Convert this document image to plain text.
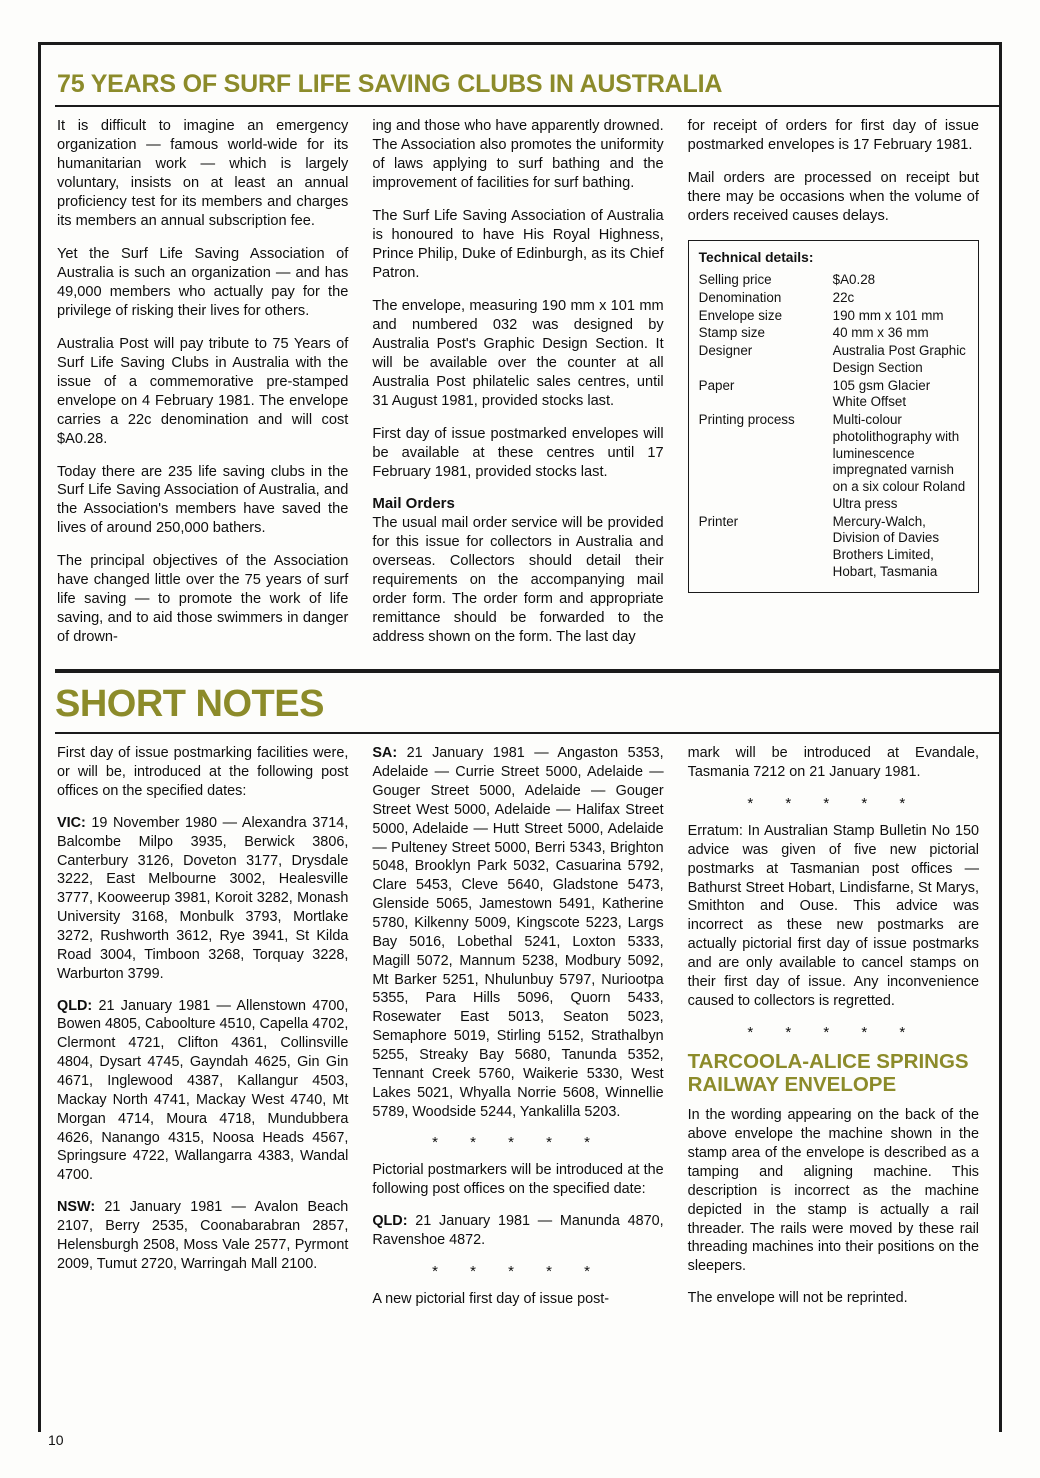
75 YEARS OF SURF LIFE SAVING CLUBS IN AUSTRALIA

It is difficult to imagine an emergency organization — famous world-wide for its humanitarian work — which is largely voluntary, insists on at least an annual proficiency test for its members and charges its members an annual subscription fee.

Yet the Surf Life Saving Association of Australia is such an organization — and has 49,000 members who actually pay for the privilege of risking their lives for others.

Australia Post will pay tribute to 75 Years of Surf Life Saving Clubs in Australia with the issue of a commemorative pre-stamped envelope on 4 February 1981. The envelope carries a 22c denomination and will cost $A0.28.

Today there are 235 life saving clubs in the Surf Life Saving Association of Australia, and the Association's members have saved the lives of around 250,000 bathers.

The principal objectives of the Association have changed little over the 75 years of surf life saving — to promote the work of life saving, and to aid those swimmers in danger of drown-

ing and those who have apparently drowned. The Association also promotes the uniformity of laws applying to surf bathing and the improvement of facilities for surf bathing.

The Surf Life Saving Association of Australia is honoured to have His Royal Highness, Prince Philip, Duke of Edinburgh, as its Chief Patron.

The envelope, measuring 190 mm x 101 mm and numbered 032 was designed by Australia Post's Graphic Design Section. It will be available over the counter at all Australia Post philatelic sales centres, until 31 August 1981, provided stocks last.

First day of issue postmarked envelopes will be available at these centres until 17 February 1981, provided stocks last.

Mail Orders

The usual mail order service will be provided for this issue for collectors in Australia and overseas. Collectors should detail their requirements on the accompanying mail order form. The order form and appropriate remittance should be forwarded to the address shown on the form. The last day

for receipt of orders for first day of issue postmarked envelopes is 17 February 1981.

Mail orders are processed on receipt but there may be occasions when the volume of orders received causes delays.

Technical details:
Selling price	$A0.28
Denomination	22c
Envelope size	190 mm x 101 mm
Stamp size	40 mm x 36 mm
Designer	Australia Post Graphic Design Section
Paper	105 gsm Glacier White Offset
Printing process	Multi-colour photolithography with luminescence impregnated varnish on a six colour Roland Ultra press
Printer	Mercury-Walch, Division of Davies Brothers Limited, Hobart, Tasmania
SHORT NOTES

First day of issue postmarking facilities were, or will be, introduced at the following post offices on the specified dates:

VIC: 19 November 1980 — Alexandra 3714, Balcombe Milpo 3935, Berwick 3806, Canterbury 3126, Doveton 3177, Drysdale 3222, East Melbourne 3002, Healesville 3777, Kooweerup 3981, Koroit 3282, Monash University 3168, Monbulk 3793, Mortlake 3272, Rushworth 3612, Rye 3941, St Kilda Road 3004, Timboon 3268, Torquay 3228, Warburton 3799.

QLD: 21 January 1981 — Allenstown 4700, Bowen 4805, Caboolture 4510, Capella 4702, Clermont 4721, Clifton 4361, Collinsville 4804, Dysart 4745, Gayndah 4625, Gin Gin 4671, Inglewood 4387, Kallangur 4503, Mackay North 4741, Mackay West 4740, Mt Morgan 4714, Moura 4718, Mundubbera 4626, Nanango 4315, Noosa Heads 4567, Springsure 4722, Wallangarra 4383, Wandal 4700.

NSW: 21 January 1981 — Avalon Beach 2107, Berry 2535, Coonabarabran 2857, Helensburgh 2508, Moss Vale 2577, Pyrmont 2009, Tumut 2720, Warringah Mall 2100.

SA: 21 January 1981 — Angaston 5353, Adelaide — Currie Street 5000, Adelaide — Gouger Street 5000, Adelaide — Gouger Street West 5000, Adelaide — Halifax Street 5000, Adelaide — Hutt Street 5000, Adelaide — Pulteney Street 5000, Berri 5343, Brighton 5048, Brooklyn Park 5032, Casuarina 5792, Clare 5453, Cleve 5640, Gladstone 5473, Glenside 5065, Jamestown 5491, Katherine 5780, Kilkenny 5009, Kingscote 5223, Largs Bay 5016, Lobethal 5241, Loxton 5333, Magill 5072, Mannum 5238, Modbury 5092, Mt Barker 5251, Nhulunbuy 5797, Nuriootpa 5355, Para Hills 5096, Quorn 5433, Rosewater East 5013, Seaton 5023, Semaphore 5019, Stirling 5152, Strathalbyn 5255, Streaky Bay 5680, Tanunda 5352, Tennant Creek 5760, Waikerie 5330, West Lakes 5021, Whyalla Norrie 5608, Winnellie 5789, Woodside 5244, Yankalilla 5203.

* * * * *

Pictorial postmarkers will be introduced at the following post offices on the specified date:

QLD: 21 January 1981 — Manunda 4870, Ravenshoe 4872.

* * * * *

A new pictorial first day of issue post-

mark will be introduced at Evandale, Tasmania 7212 on 21 January 1981.

* * * * *

Erratum: In Australian Stamp Bulletin No 150 advice was given of five new pictorial postmarks at Tasmanian post offices — Bathurst Street Hobart, Lindisfarne, St Marys, Smithton and Ouse. This advice was incorrect as these new postmarks are actually pictorial first day of issue postmarks and are only available to cancel stamps on their first day of issue. Any inconvenience caused to collectors is regretted.

* * * * *
TARCOOLA-ALICE SPRINGS RAILWAY ENVELOPE

In the wording appearing on the back of the above envelope the machine shown in the stamp area of the envelope is described as a tamping and aligning machine. This description is incorrect as the machine depicted in the stamp is actually a rail threader. The rails were moved by these rail threading machines into their positions on the sleepers.

The envelope will not be reprinted.

10
